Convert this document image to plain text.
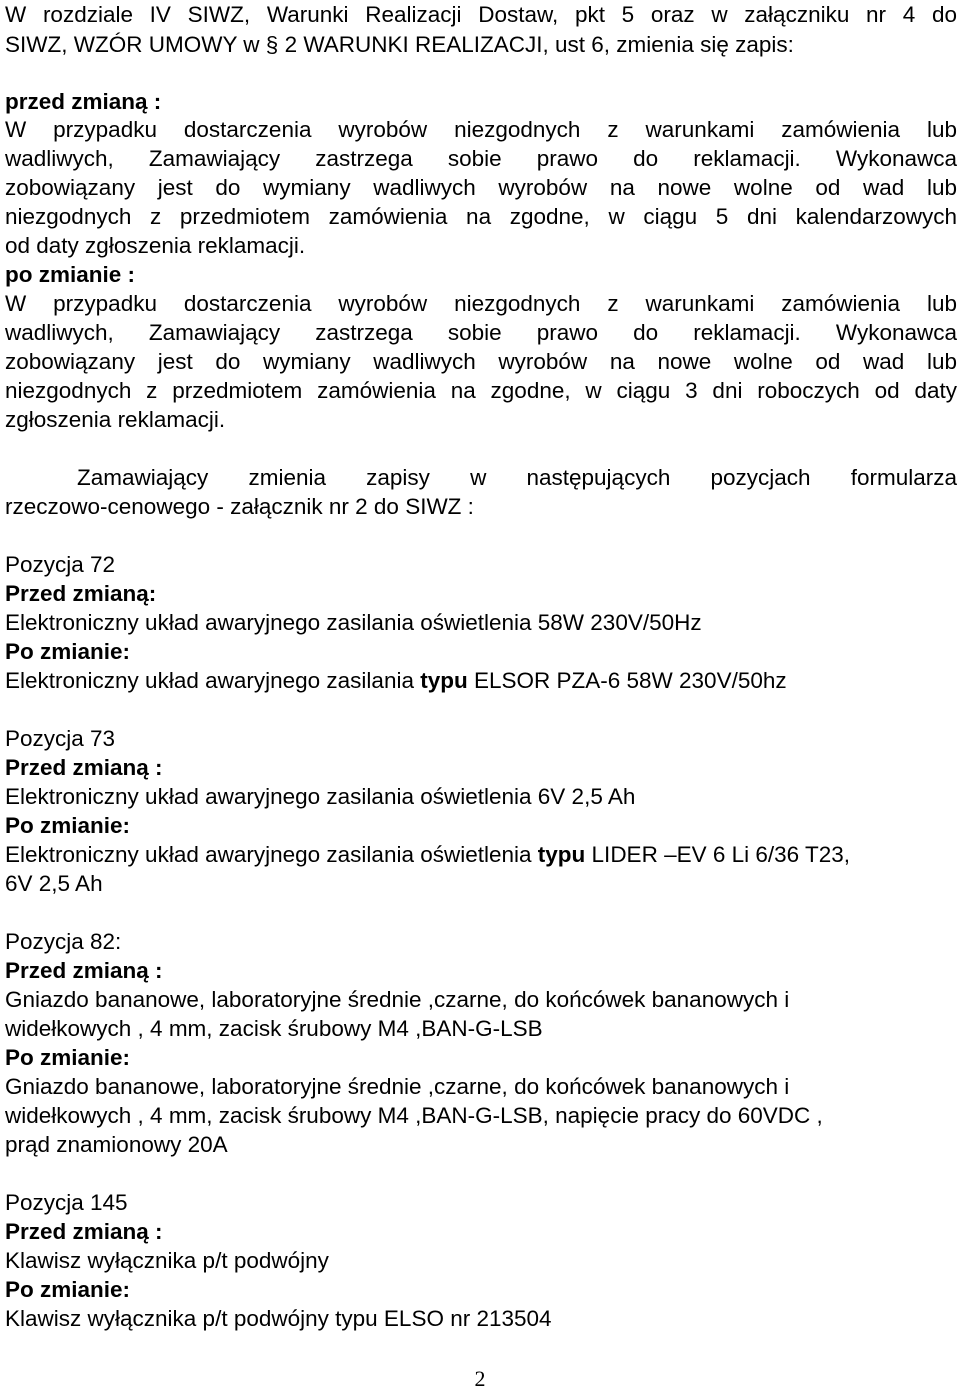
W rozdziale IV SIWZ, Warunki Realizacji Dostaw, pkt 5 oraz w załączniku nr 4 do
SIWZ, WZÓR UMOWY w § 2 WARUNKI REALIZACJI, ust 6, zmienia się zapis:
przed zmianą :
W przypadku dostarczenia wyrobów niezgodnych z warunkami zamówienia lub
wadliwych, Zamawiający zastrzega sobie prawo do reklamacji. Wykonawca
zobowiązany jest do wymiany wadliwych wyrobów na nowe wolne od wad lub
niezgodnych z przedmiotem zamówienia na zgodne, w ciągu 5 dni kalendarzowych
od daty zgłoszenia reklamacji.
po zmianie :
W przypadku dostarczenia wyrobów niezgodnych z warunkami zamówienia lub
wadliwych, Zamawiający zastrzega sobie prawo do reklamacji. Wykonawca
zobowiązany jest do wymiany wadliwych wyrobów na nowe wolne od wad lub
niezgodnych z przedmiotem zamówienia na zgodne, w ciągu 3 dni roboczych od daty
zgłoszenia reklamacji.
Zamawiający zmienia zapisy w następujących pozycjach formularza
rzeczowo-cenowego - załącznik nr 2 do SIWZ :
Pozycja 72
Przed zmianą:
Elektroniczny układ awaryjnego zasilania oświetlenia 58W 230V/50Hz
Po zmianie:
Elektroniczny układ awaryjnego zasilania typu ELSOR PZA-6 58W 230V/50hz
Pozycja 73
Przed zmianą :
Elektroniczny układ awaryjnego zasilania oświetlenia 6V 2,5 Ah
Po zmianie:
Elektroniczny układ awaryjnego zasilania oświetlenia typu LIDER –EV 6 Li 6/36 T23,
6V 2,5 Ah
Pozycja 82:
Przed zmianą :
Gniazdo bananowe, laboratoryjne średnie ,czarne, do końcówek bananowych i
widełkowych , 4 mm, zacisk śrubowy M4 ,BAN-G-LSB
Po zmianie:
Gniazdo bananowe, laboratoryjne średnie ,czarne, do końcówek bananowych i
widełkowych , 4 mm, zacisk śrubowy M4 ,BAN-G-LSB, napięcie pracy do 60VDC ,
prąd znamionowy 20A
Pozycja 145
Przed zmianą :
Klawisz wyłącznika p/t podwójny
Po zmianie:
Klawisz wyłącznika p/t podwójny typu ELSO nr 213504
2
